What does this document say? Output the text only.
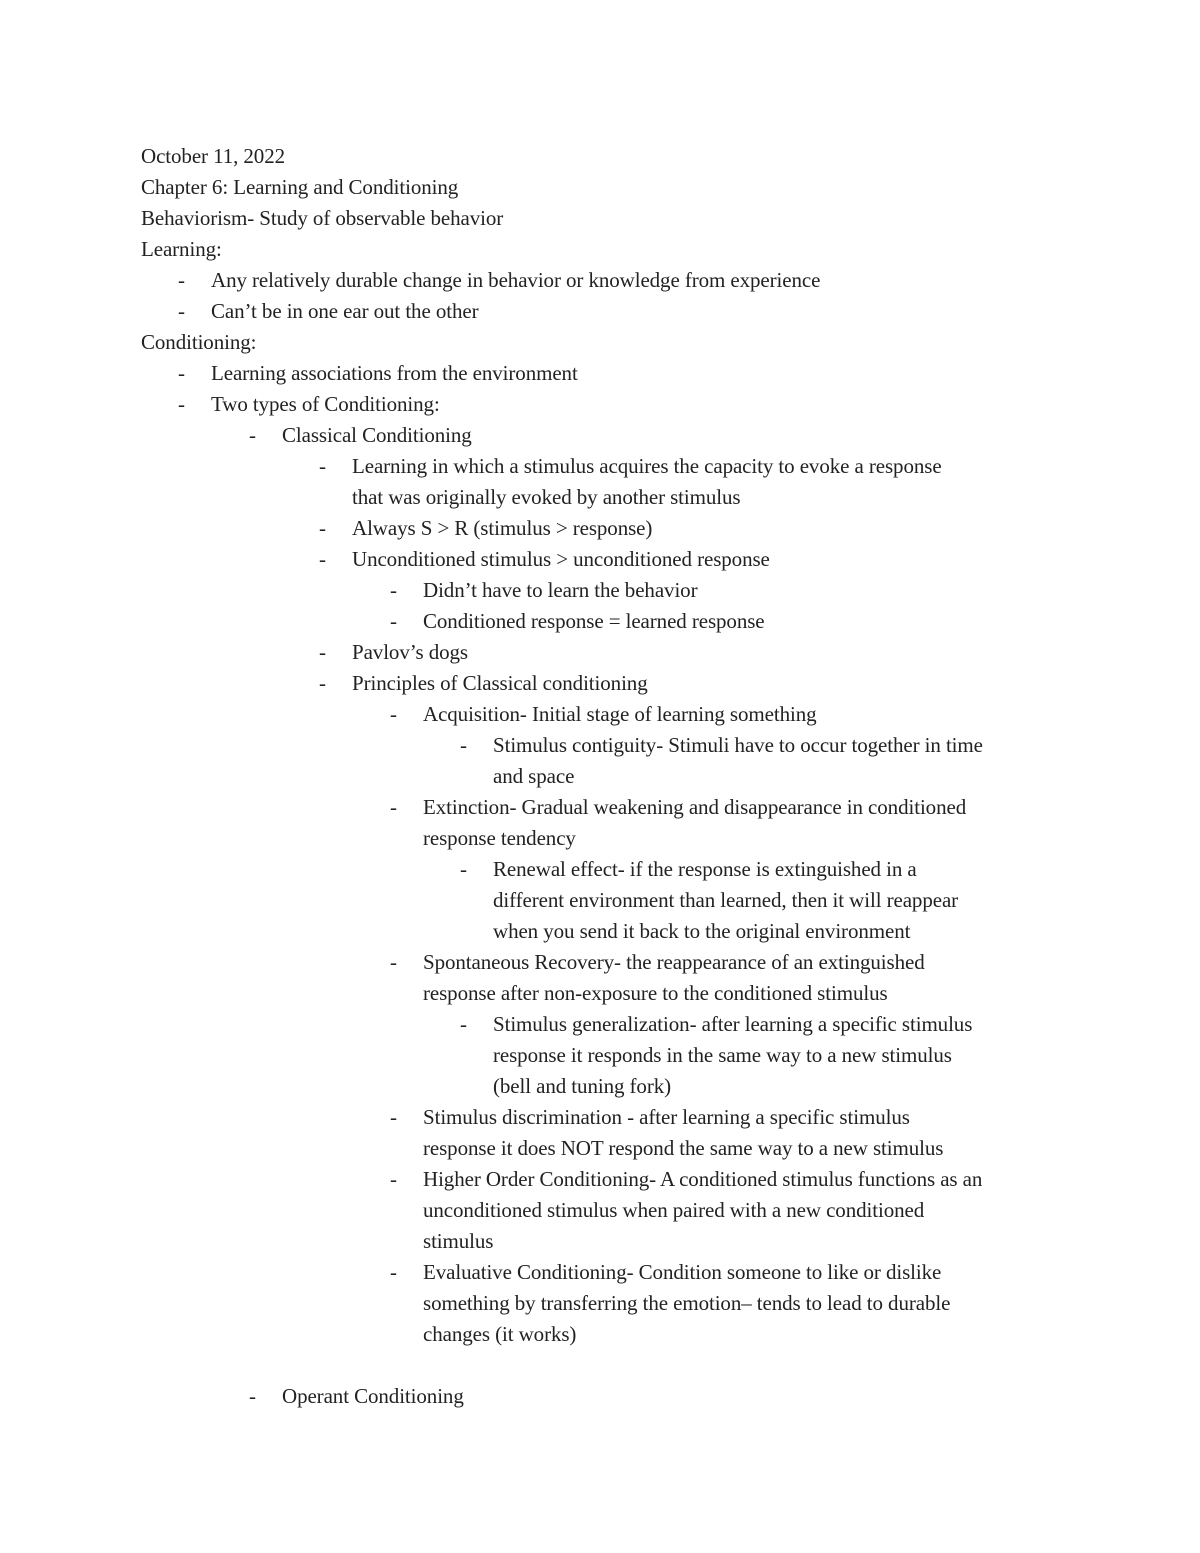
October 11, 2022
Chapter 6: Learning and Conditioning
Behaviorism- Study of observable behavior
Learning:
- Any relatively durable change in behavior or knowledge from experience
- Can’t be in one ear out the other
Conditioning:
- Learning associations from the environment
- Two types of Conditioning:
- Classical Conditioning
- Learning in which a stimulus acquires the capacity to evoke a response
that was originally evoked by another stimulus
- Always S > R (stimulus > response)
- Unconditioned stimulus > unconditioned response
- Didn’t have to learn the behavior
- Conditioned response = learned response
- Pavlov’s dogs
- Principles of Classical conditioning
- Acquisition- Initial stage of learning something
- Stimulus contiguity- Stimuli have to occur together in time
and space
- Extinction- Gradual weakening and disappearance in conditioned
response tendency
- Renewal effect- if the response is extinguished in a
different environment than learned, then it will reappear
when you send it back to the original environment
- Spontaneous Recovery- the reappearance of an extinguished
response after non-exposure to the conditioned stimulus
- Stimulus generalization- after learning a specific stimulus
response it responds in the same way to a new stimulus
(bell and tuning fork)
- Stimulus discrimination - after learning a specific stimulus
response it does NOT respond the same way to a new stimulus
- Higher Order Conditioning- A conditioned stimulus functions as an
unconditioned stimulus when paired with a new conditioned
stimulus
- Evaluative Conditioning- Condition someone to like or dislike
something by transferring the emotion– tends to lead to durable
changes (it works)
- Operant Conditioning
